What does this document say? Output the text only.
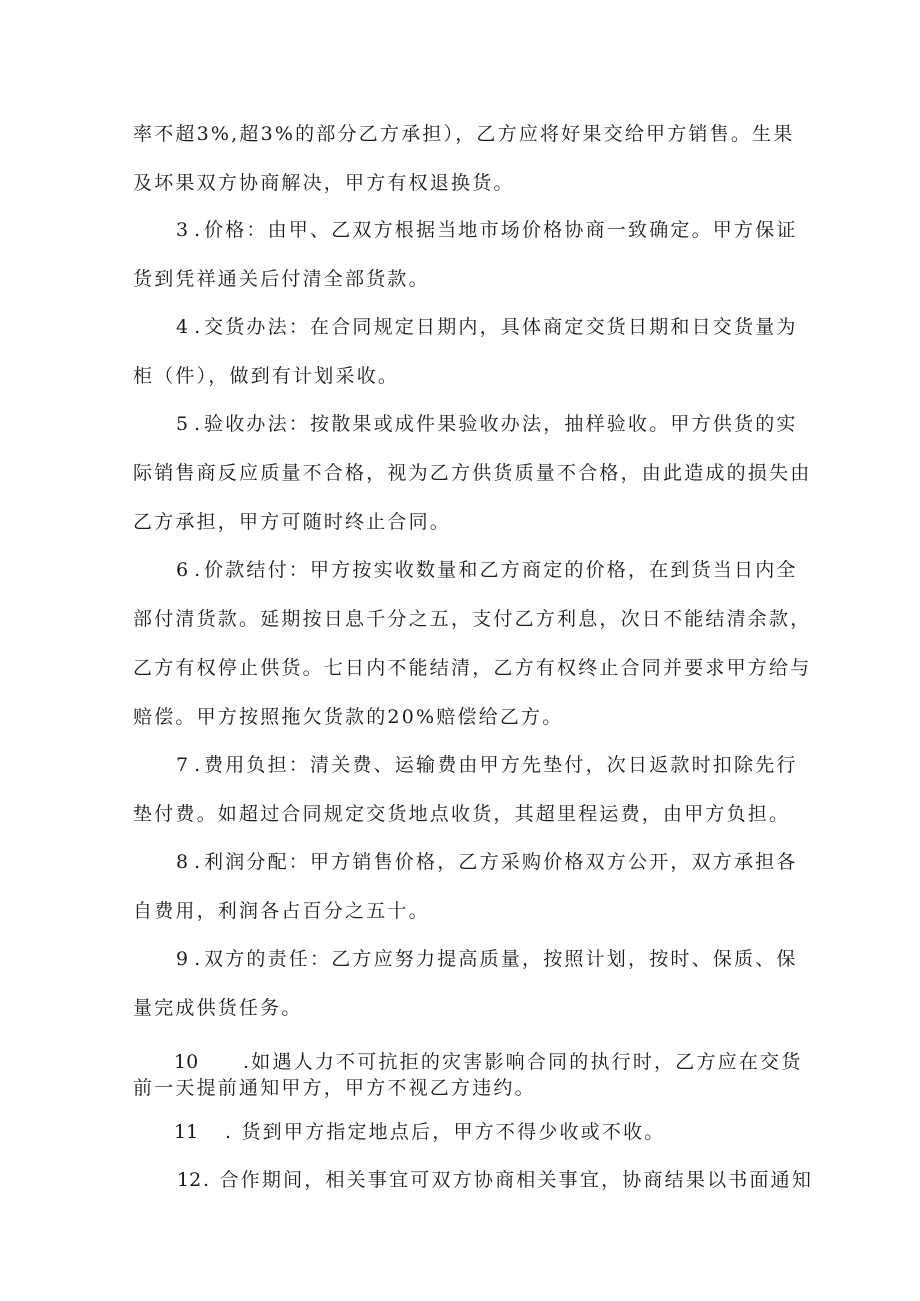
率不超3%,超3%的部分乙方承担），乙方应将好果交给甲方销售。生果
及坏果双方协商解决，甲方有权退换货。
3 . 价格：由甲、乙双方根据当地市场价格协商一致确定。甲方保证
货到凭祥通关后付清全部货款。
4 . 交货办法：在合同规定日期内，具体商定交货日期和日交货量为
柜（件），做到有计划采收。
5 . 验收办法：按散果或成件果验收办法，抽样验收。甲方供货的实
际销售商反应质量不合格，视为乙方供货质量不合格，由此造成的损失由
乙方承担，甲方可随时终止合同。
6 . 价款结付：甲方按实收数量和乙方商定的价格，在到货当日内全
部付清货款。延期按日息千分之五，支付乙方利息，次日不能结清余款，
乙方有权停止供货。七日内不能结清，乙方有权终止合同并要求甲方给与
赔偿。甲方按照拖欠货款的20%赔偿给乙方。
7 . 费用负担：清关费、运输费由甲方先垫付，次日返款时扣除先行
垫付费。如超过合同规定交货地点收货，其超里程运费，由甲方负担。
8 . 利润分配：甲方销售价格，乙方采购价格双方公开，双方承担各
自费用，利润各占百分之五十。
9 . 双方的责任：乙方应努力提高质量，按照计划，按时、保质、保
量完成供货任务。
10 .如遇人力不可抗拒的灾害影响合同的执行时，乙方应在交货
前一天提前通知甲方，甲方不视乙方违约。
11 . 货到甲方指定地点后，甲方不得少收或不收。
12 . 合作期间，相关事宜可双方协商相关事宜，协商结果以书面通知
